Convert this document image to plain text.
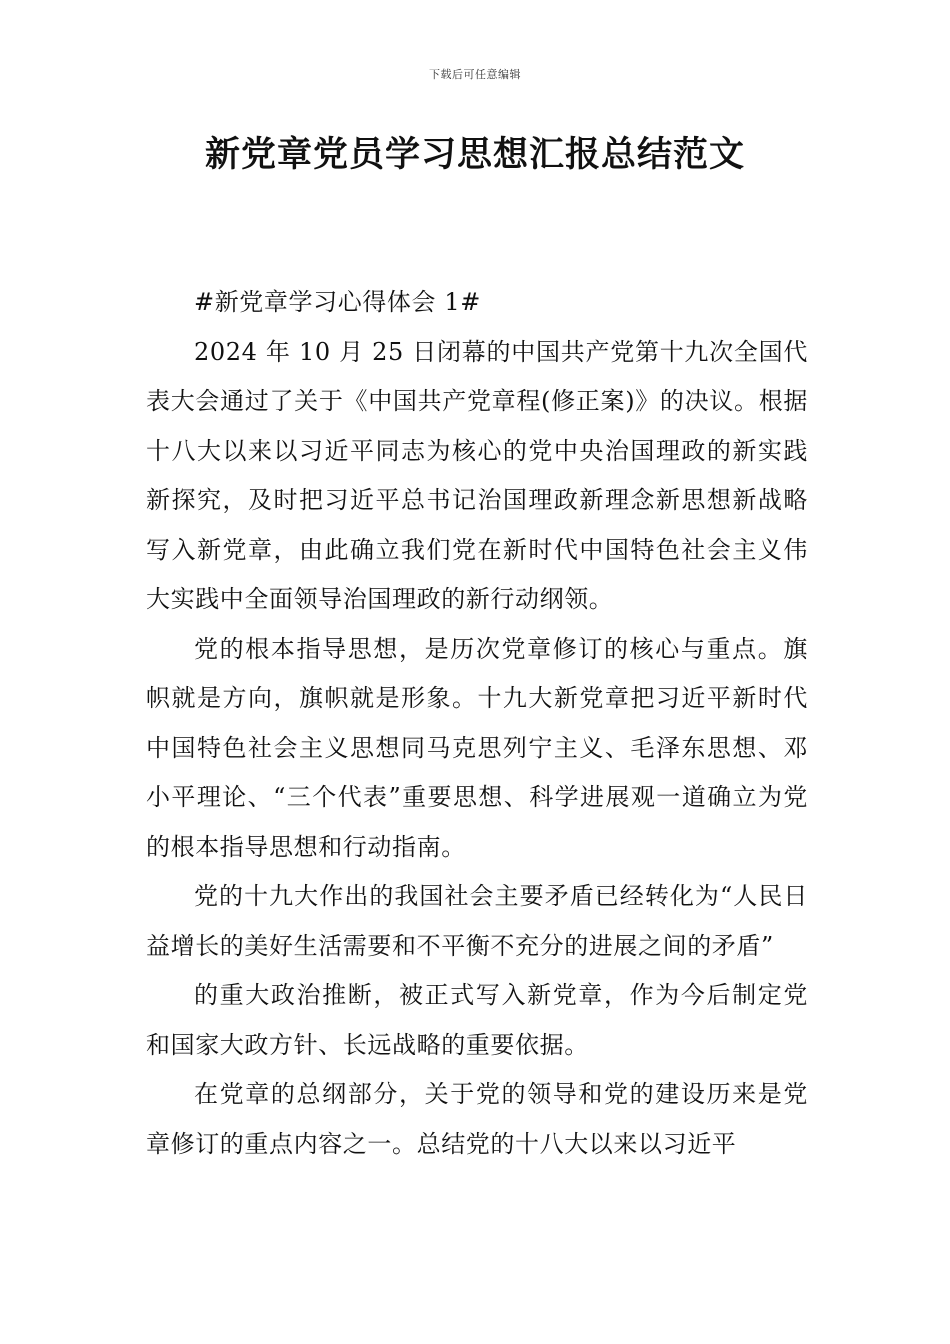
下载后可任意编辑
新党章党员学习思想汇报总结范文

#新党章学习心得体会 1#

2024 年 10 月 25 日闭幕的中国共产党第十九次全国代表大会通过了关于《中国共产党章程(修正案)》的决议。根据十八大以来以习近平同志为核心的党中央治国理政的新实践新探究，及时把习近平总书记治国理政新理念新思想新战略写入新党章，由此确立我们党在新时代中国特色社会主义伟大实践中全面领导治国理政的新行动纲领。

党的根本指导思想，是历次党章修订的核心与重点。旗帜就是方向，旗帜就是形象。十九大新党章把习近平新时代中国特色社会主义思想同马克思列宁主义、毛泽东思想、邓小平理论、“三个代表”重要思想、科学进展观一道确立为党的根本指导思想和行动指南。

党的十九大作出的我国社会主要矛盾已经转化为“人民日益增长的美好生活需要和不平衡不充分的进展之间的矛盾”

的重大政治推断，被正式写入新党章，作为今后制定党和国家大政方针、长远战略的重要依据。

在党章的总纲部分，关于党的领导和党的建设历来是党章修订的重点内容之一。总结党的十八大以来以习近平
